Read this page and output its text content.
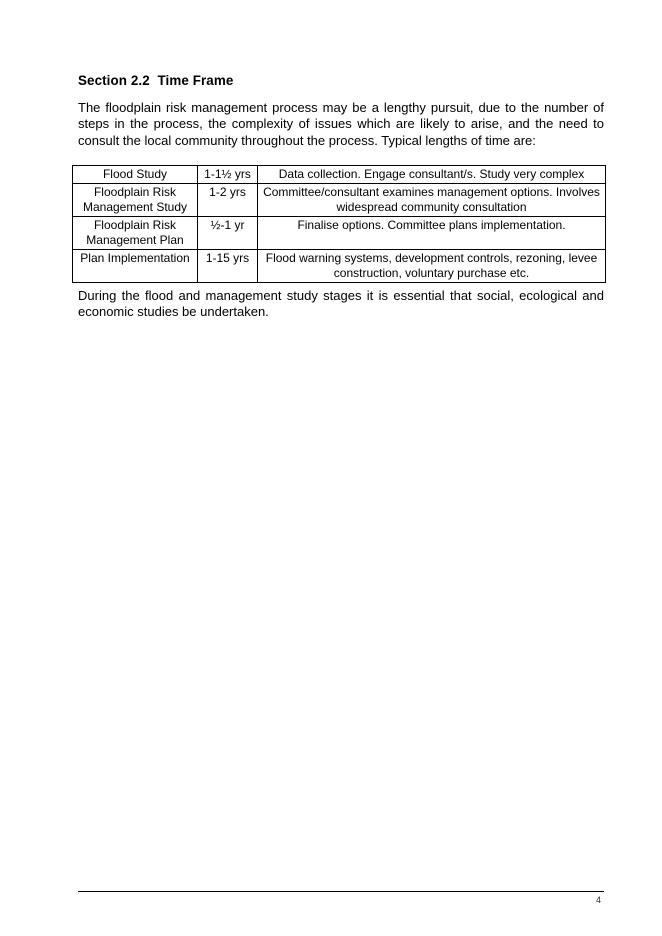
Section 2.2 Time Frame

The floodplain risk management process may be a lengthy pursuit, due to the number of steps in the process, the complexity of issues which are likely to arise, and the need to consult the local community throughout the process. Typical lengths of time are:

Flood Study	1-1½ yrs	Data collection. Engage consultant/s. Study very complex
Floodplain Risk Management Study	1-2 yrs	Committee/consultant examines management options. Involves widespread community consultation
Floodplain Risk Management Plan	½-1 yr	Finalise options. Committee plans implementation.
Plan Implementation	1-15 yrs	Flood warning systems, development controls, rezoning, levee construction, voluntary purchase etc.

During the flood and management study stages it is essential that social, ecological and economic studies be undertaken.

4
